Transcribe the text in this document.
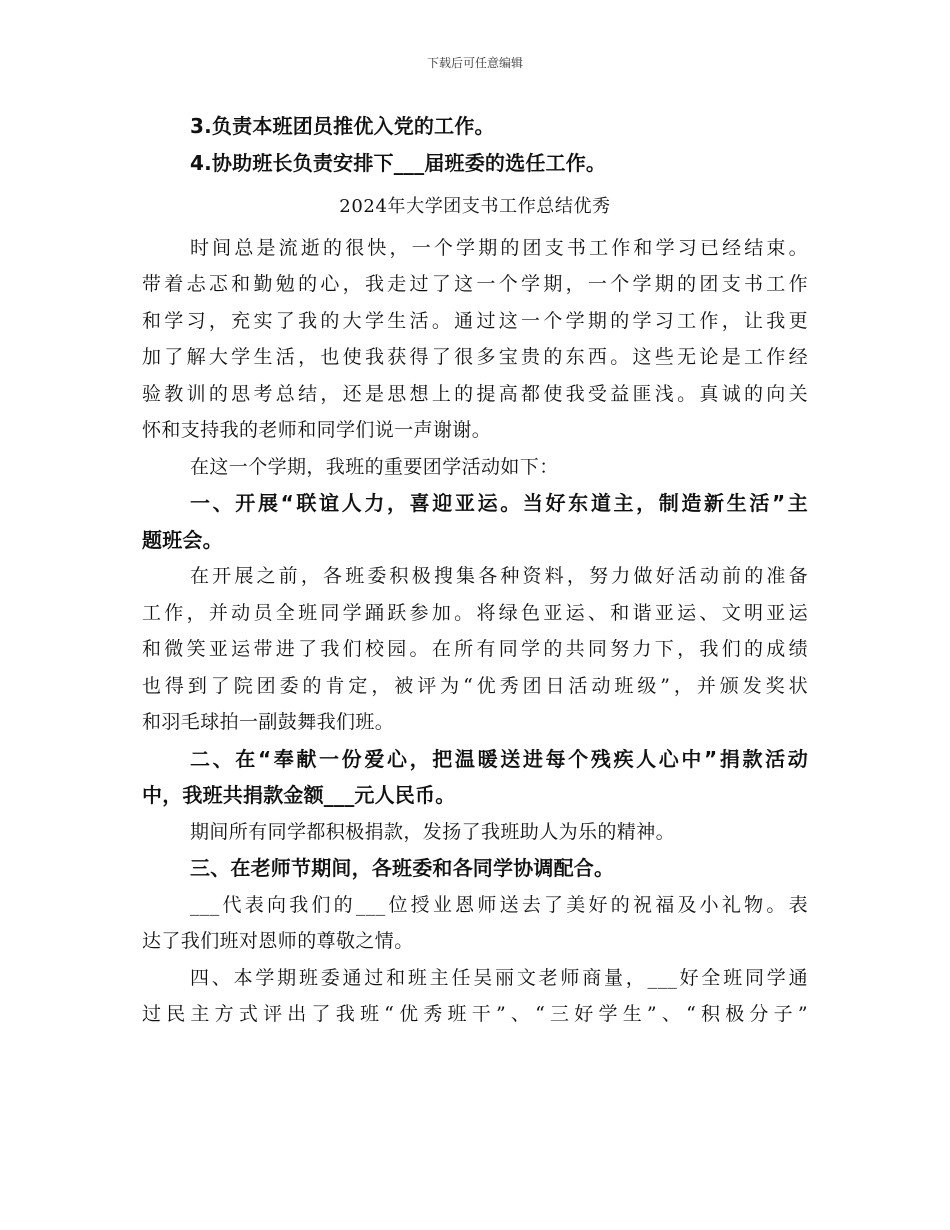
下载后可任意编辑
3.负责本班团员推优入党的工作。
4.协助班长负责安排下___届班委的选任工作。
2024年大学团支书工作总结优秀
时间总是流逝的很快，一个学期的团支书工作和学习已经结束。
带着忐忑和勤勉的心，我走过了这一个学期，一个学期的团支书工作
和学习，充实了我的大学生活。通过这一个学期的学习工作，让我更
加了解大学生活，也使我获得了很多宝贵的东西。这些无论是工作经
验教训的思考总结，还是思想上的提高都使我受益匪浅。真诚的向关
怀和支持我的老师和同学们说一声谢谢。
在这一个学期，我班的重要团学活动如下：
一、开展“联谊人力，喜迎亚运。当好东道主，制造新生活”主
题班会。
在开展之前，各班委积极搜集各种资料，努力做好活动前的准备
工作，并动员全班同学踊跃参加。将绿色亚运、和谐亚运、文明亚运
和微笑亚运带进了我们校园。在所有同学的共同努力下，我们的成绩
也得到了院团委的肯定，被评为“优秀团日活动班级”，并颁发奖状
和羽毛球拍一副鼓舞我们班。
二、在“奉献一份爱心，把温暖送进每个残疾人心中”捐款活动
中，我班共捐款金额___元人民币。
期间所有同学都积极捐款，发扬了我班助人为乐的精神。
三、在老师节期间，各班委和各同学协调配合。
___代表向我们的___位授业恩师送去了美好的祝福及小礼物。表
达了我们班对恩师的尊敬之情。
四、本学期班委通过和班主任吴丽文老师商量，___好全班同学通
过民主方式评出了我班“优秀班干”、“三好学生”、“积极分子”
